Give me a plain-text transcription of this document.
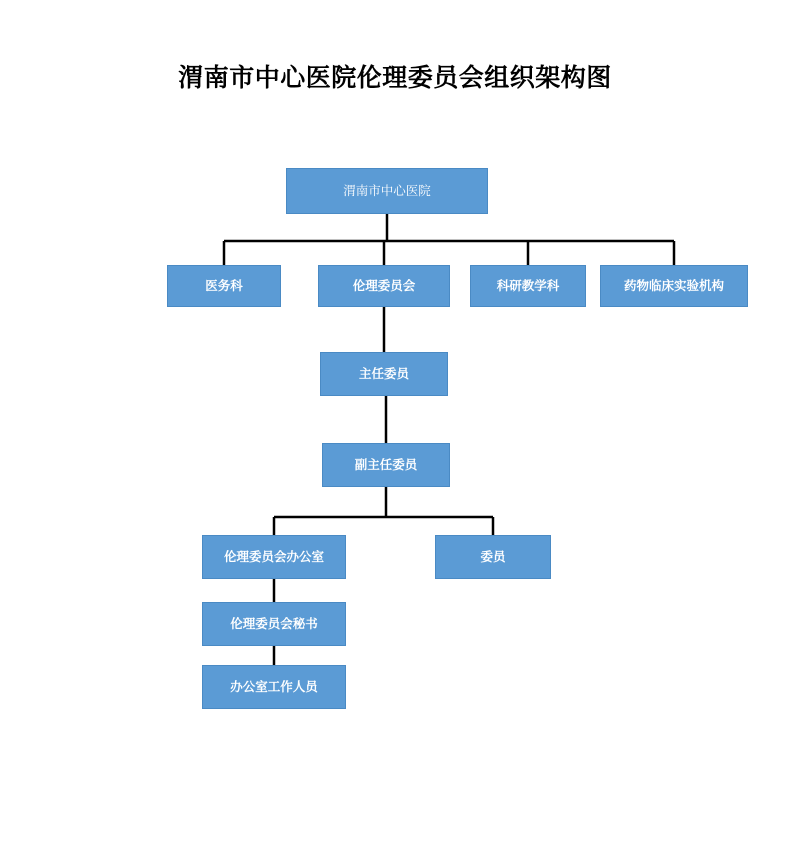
渭南市中心医院伦理委员会组织架构图
渭南市中心医院
医务科	伦理委员会	科研教学科	药物临床实验机构
主任委员
副主任委员
伦理委员会办公室	委员
伦理委员会秘书
办公室工作人员
